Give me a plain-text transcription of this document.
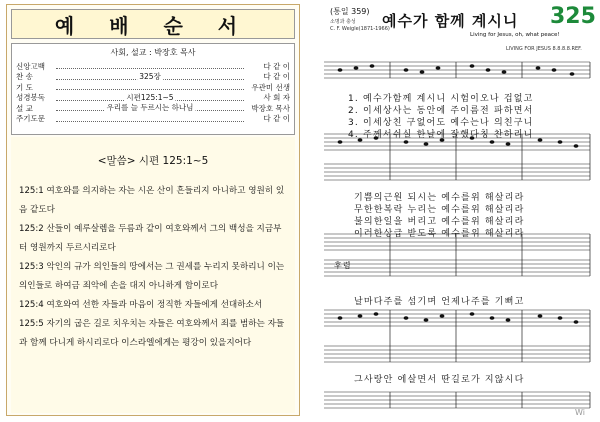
예 배 순 서
사회, 설교 : 박장호 목사
신앙고백	다 같 이
찬 송	325장	다 같 이
기 도	우관미 선생
성경봉독	시편125:1~5	사 회 자
설 교	우리를 늘 두르시는 하나님	박장호 목사
주기도문	다 같 이
<말씀> 시편 125:1~5

125:1 여호와를 의지하는 자는 시온 산이 흔들리지 아니하고 영원히 있음 같도다

125:2 산들이 예루살렘을 두름과 같이 여호와께서 그의 백성을 지금부터 영원까지 두르시리로다

125:3 악인의 규가 의인들의 땅에서는 그 권세를 누리지 못하리니 이는 의인들로 하여금 죄악에 손을 대지 아니하게 함이로다

125:4 여호와여 선한 자들과 마음이 정직한 자들에게 선대하소서

125:5 자기의 굽은 길로 치우치는 자들은 여호와께서 죄를 범하는 자들과 함께 다니게 하시리로다 이스라엘에게는 평강이 있을지어다

(통일 359)
예수가 함께 계시니 325
소명과 충성
C. F. Weigle(1871-1966)
Living for Jesus, oh, what peace!
LIVING FOR JESUS 8.8.8.8.REF.
1. 예수가함께 계시니 시험이오나 겁없고
2. 이세상사는 동안에 주이름전 파하면서
3. 이세상친 구없어도 예수는나 의친구니
4. 주께서쉬실 한날에 잘했다칭 찬하리니
기쁨의근원 되시는 예수를위 해살리라
무한한복락 누리는 예수를위 해살리라
불의한일을 버리고 예수를위 해살리라
이러한상급 받도록 예수를위 해살리라
후렴
날마다주를 섬기며 언제나주를 기뻐고
그사랑안 에살면서 딴길로가 지않시다
Wi
